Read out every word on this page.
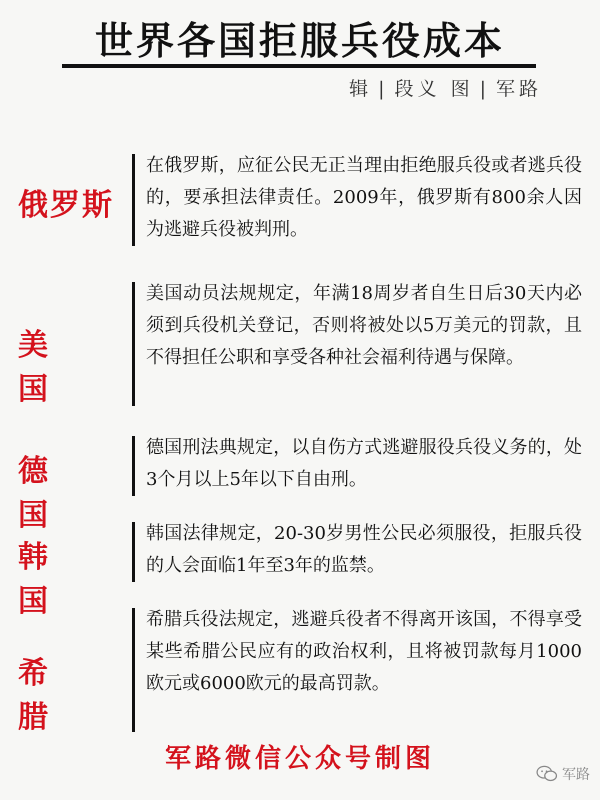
世界各国拒服兵役成本
辑 | 段义 图 | 军路
俄罗斯
在俄罗斯，应征公民无正当理由拒绝服兵役或者逃兵役的，要承担法律责任。2009年，俄罗斯有800余人因为逃避兵役被判刑。
美 国
美国动员法规规定，年满18周岁者自生日后30天内必须到兵役机关登记，否则将被处以5万美元的罚款，且不得担任公职和享受各种社会福利待遇与保障。
德 国
德国刑法典规定，以自伤方式逃避服役兵役义务的，处3个月以上5年以下自由刑。
韩 国
韩国法律规定，20-30岁男性公民必须服役，拒服兵役的人会面临1年至3年的监禁。
希 腊
希腊兵役法规定，逃避兵役者不得离开该国，不得享受某些希腊公民应有的政治权利，且将被罚款每月1000欧元或6000欧元的最高罚款。
军路微信公众号制图
军路
